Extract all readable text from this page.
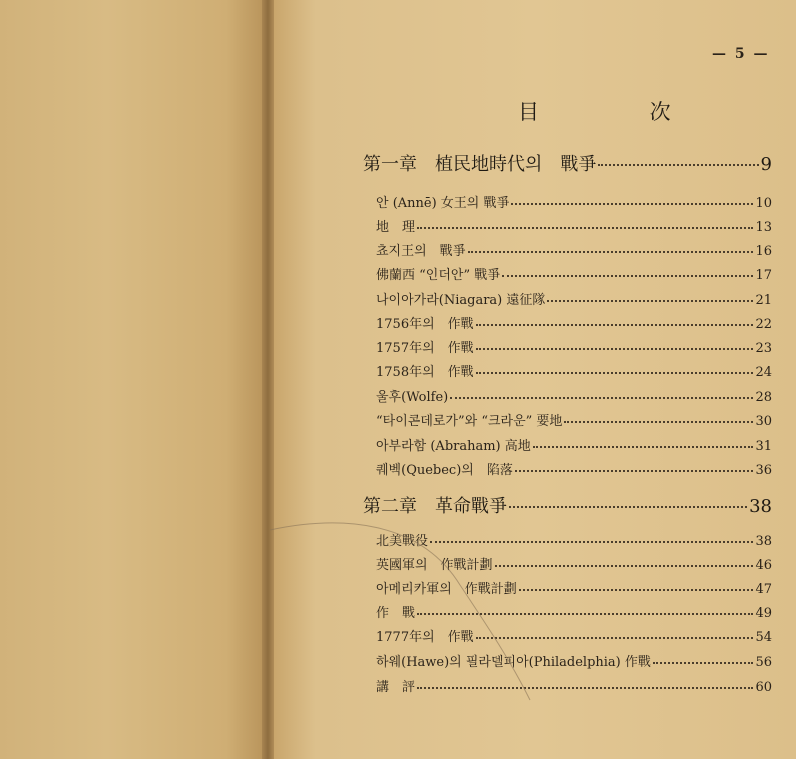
— 5 —
目 次
第一章　植民地時代의　戰爭	9
안 (Annē) 女王의 戰爭	10
地　理	13
쵸지王의　戰爭	16
佛蘭西 “인더안” 戰爭	17
나이아가라(Niagara) 遠征隊	21
1756年의　作戰	22
1757年의　作戰	23
1758年의　作戰	24
울후(Wolfe)	28
“타이콘데로가”와 “크라운” 要地	30
아부라함 (Abraham) 高地	31
퀘벡(Quebec)의　陷落	36
第二章　革命戰爭	38
北美戰役	38
英國軍의　作戰計劃	46
아메리카軍의　作戰計劃	47
作　戰	49
1777年의　作戰	54
하웨(Hawe)의 필라델피아(Philadelphia) 作戰	56
講　評	60
